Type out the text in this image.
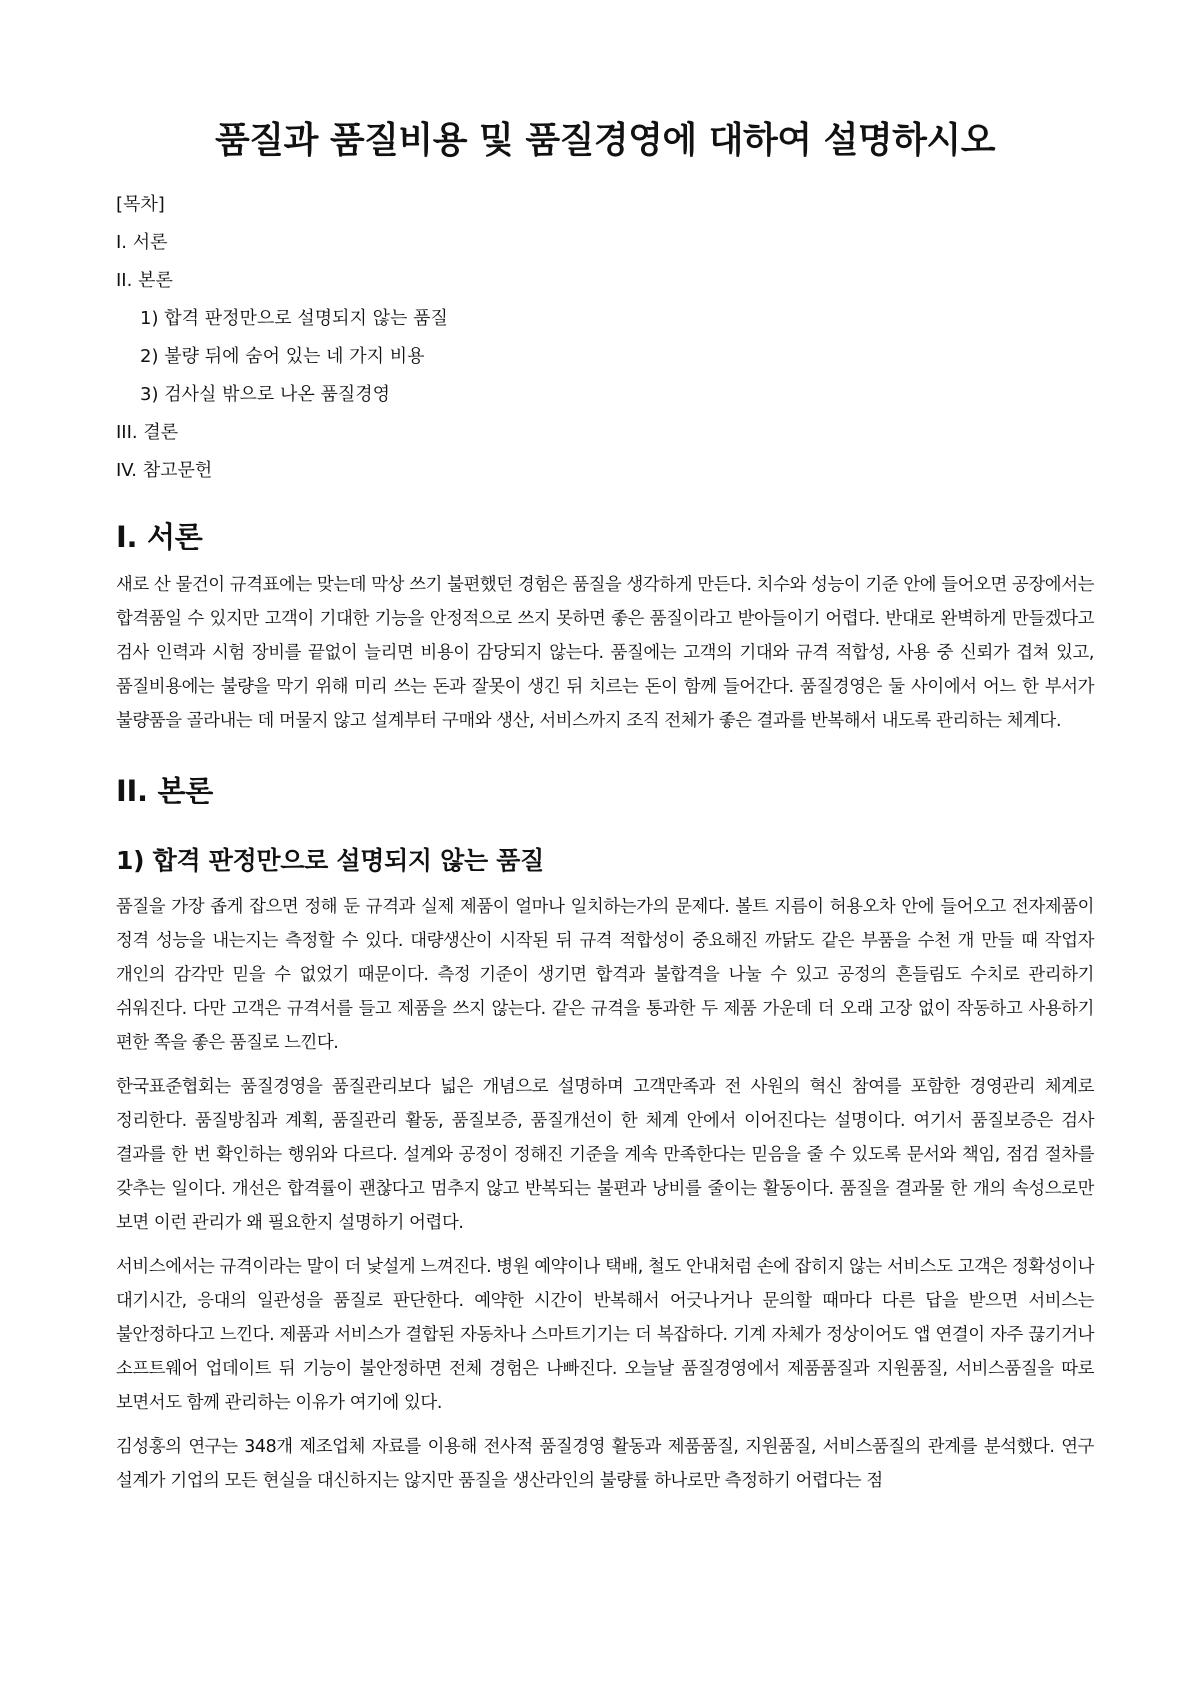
품질과 품질비용 및 품질경영에 대하여 설명하시오
[목차]
I. 서론
II. 본론
1) 합격 판정만으로 설명되지 않는 품질
2) 불량 뒤에 숨어 있는 네 가지 비용
3) 검사실 밖으로 나온 품질경영
III. 결론
IV. 참고문헌
I. 서론

새로 산 물건이 규격표에는 맞는데 막상 쓰기 불편했던 경험은 품질을 생각하게 만든다. 치수와 성능이 기준 안에 들어오면 공장에서는 합격품일 수 있지만 고객이 기대한 기능을 안정적으로 쓰지 못하면 좋은 품질이라고 받아들이기 어렵다. 반대로 완벽하게 만들겠다고 검사 인력과 시험 장비를 끝없이 늘리면 비용이 감당되지 않는다. 품질에는 고객의 기대와 규격 적합성, 사용 중 신뢰가 겹쳐 있고, 품질비용에는 불량을 막기 위해 미리 쓰는 돈과 잘못이 생긴 뒤 치르는 돈이 함께 들어간다. 품질경영은 둘 사이에서 어느 한 부서가 불량품을 골라내는 데 머물지 않고 설계부터 구매와 생산, 서비스까지 조직 전체가 좋은 결과를 반복해서 내도록 관리하는 체계다.

II. 본론
1) 합격 판정만으로 설명되지 않는 품질

품질을 가장 좁게 잡으면 정해 둔 규격과 실제 제품이 얼마나 일치하는가의 문제다. 볼트 지름이 허용오차 안에 들어오고 전자제품이 정격 성능을 내는지는 측정할 수 있다. 대량생산이 시작된 뒤 규격 적합성이 중요해진 까닭도 같은 부품을 수천 개 만들 때 작업자 개인의 감각만 믿을 수 없었기 때문이다. 측정 기준이 생기면 합격과 불합격을 나눌 수 있고 공정의 흔들림도 수치로 관리하기 쉬워진다. 다만 고객은 규격서를 들고 제품을 쓰지 않는다. 같은 규격을 통과한 두 제품 가운데 더 오래 고장 없이 작동하고 사용하기 편한 쪽을 좋은 품질로 느낀다.

한국표준협회는 품질경영을 품질관리보다 넓은 개념으로 설명하며 고객만족과 전 사원의 혁신 참여를 포함한 경영관리 체계로 정리한다. 품질방침과 계획, 품질관리 활동, 품질보증, 품질개선이 한 체계 안에서 이어진다는 설명이다. 여기서 품질보증은 검사 결과를 한 번 확인하는 행위와 다르다. 설계와 공정이 정해진 기준을 계속 만족한다는 믿음을 줄 수 있도록 문서와 책임, 점검 절차를 갖추는 일이다. 개선은 합격률이 괜찮다고 멈추지 않고 반복되는 불편과 낭비를 줄이는 활동이다. 품질을 결과물 한 개의 속성으로만 보면 이런 관리가 왜 필요한지 설명하기 어렵다.

서비스에서는 규격이라는 말이 더 낯설게 느껴진다. 병원 예약이나 택배, 철도 안내처럼 손에 잡히지 않는 서비스도 고객은 정확성이나 대기시간, 응대의 일관성을 품질로 판단한다. 예약한 시간이 반복해서 어긋나거나 문의할 때마다 다른 답을 받으면 서비스는 불안정하다고 느낀다. 제품과 서비스가 결합된 자동차나 스마트기기는 더 복잡하다. 기계 자체가 정상이어도 앱 연결이 자주 끊기거나 소프트웨어 업데이트 뒤 기능이 불안정하면 전체 경험은 나빠진다. 오늘날 품질경영에서 제품품질과 지원품질, 서비스품질을 따로 보면서도 함께 관리하는 이유가 여기에 있다.

김성홍의 연구는 348개 제조업체 자료를 이용해 전사적 품질경영 활동과 제품품질, 지원품질, 서비스품질의 관계를 분석했다. 연구 설계가 기업의 모든 현실을 대신하지는 않지만 품질을 생산라인의 불량률 하나로만 측정하기 어렵다는 점
